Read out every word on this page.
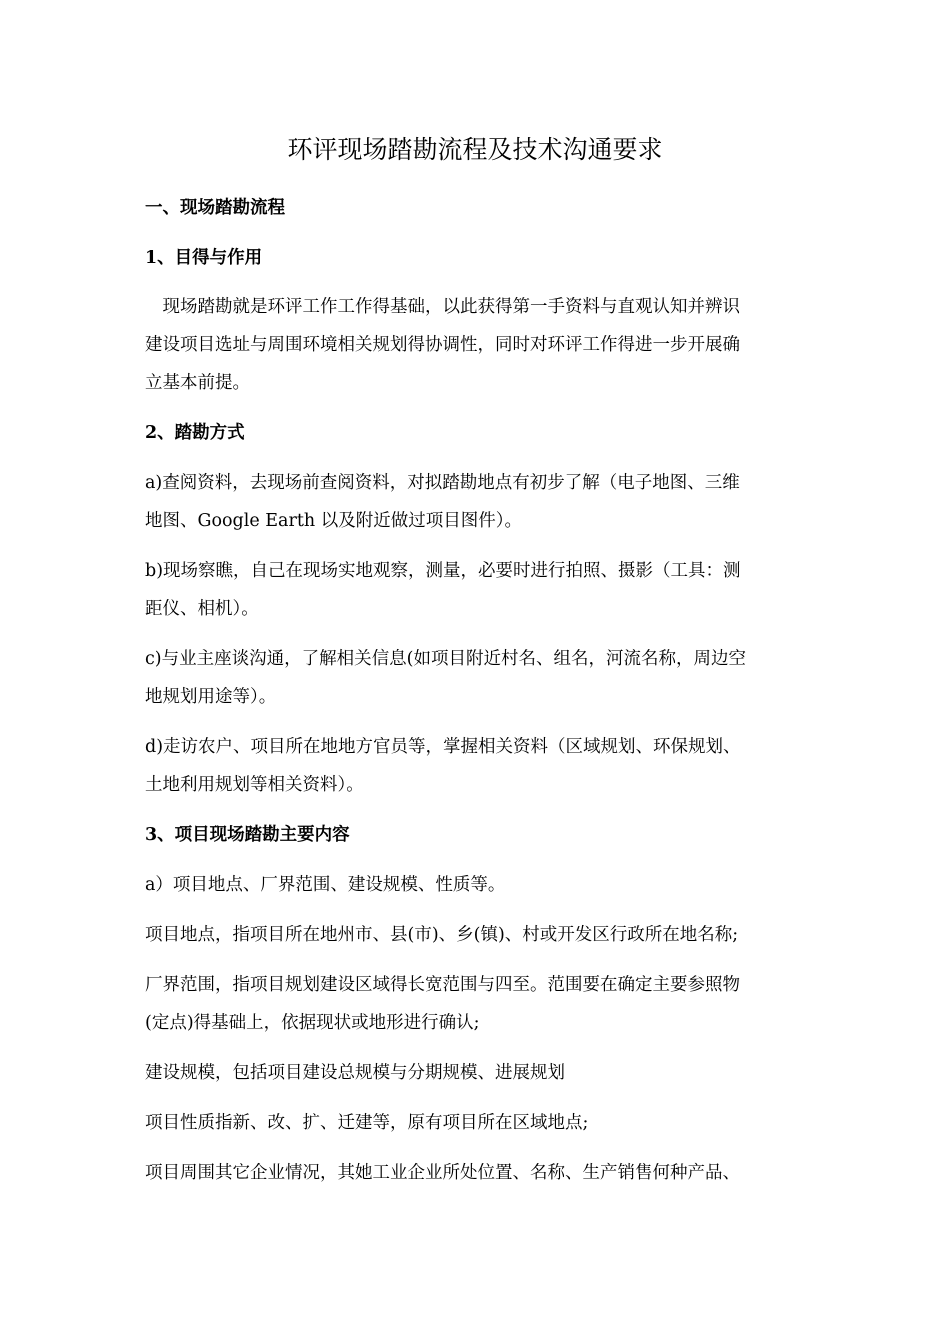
环评现场踏勘流程及技术沟通要求

一、现场踏勘流程

1、目得与作用

　现场踏勘就是环评工作工作得基础，以此获得第一手资料与直观认知并辨识

建设项目选址与周围环境相关规划得协调性，同时对环评工作得进一步开展确

立基本前提。

2、踏勘方式

a)查阅资料，去现场前查阅资料，对拟踏勘地点有初步了解（电子地图、三维

地图、Google Earth 以及附近做过项目图件）。

b)现场察瞧，自己在现场实地观察，测量，必要时进行拍照、摄影（工具：测

距仪、相机）。

c)与业主座谈沟通，了解相关信息(如项目附近村名、组名，河流名称，周边空

地规划用途等）。

d)走访农户、项目所在地地方官员等，掌握相关资料（区域规划、环保规划、

土地利用规划等相关资料）。

3、项目现场踏勘主要内容

a）项目地点、厂界范围、建设规模、性质等。

项目地点，指项目所在地州市、县(市)、乡(镇)、村或开发区行政所在地名称;

厂界范围，指项目规划建设区域得长宽范围与四至。范围要在确定主要参照物

(定点)得基础上，依据现状或地形进行确认;

建设规模，包括项目建设总规模与分期规模、进展规划

项目性质指新、改、扩、迁建等，原有项目所在区域地点;

项目周围其它企业情况，其她工业企业所处位置、名称、生产销售何种产品、
